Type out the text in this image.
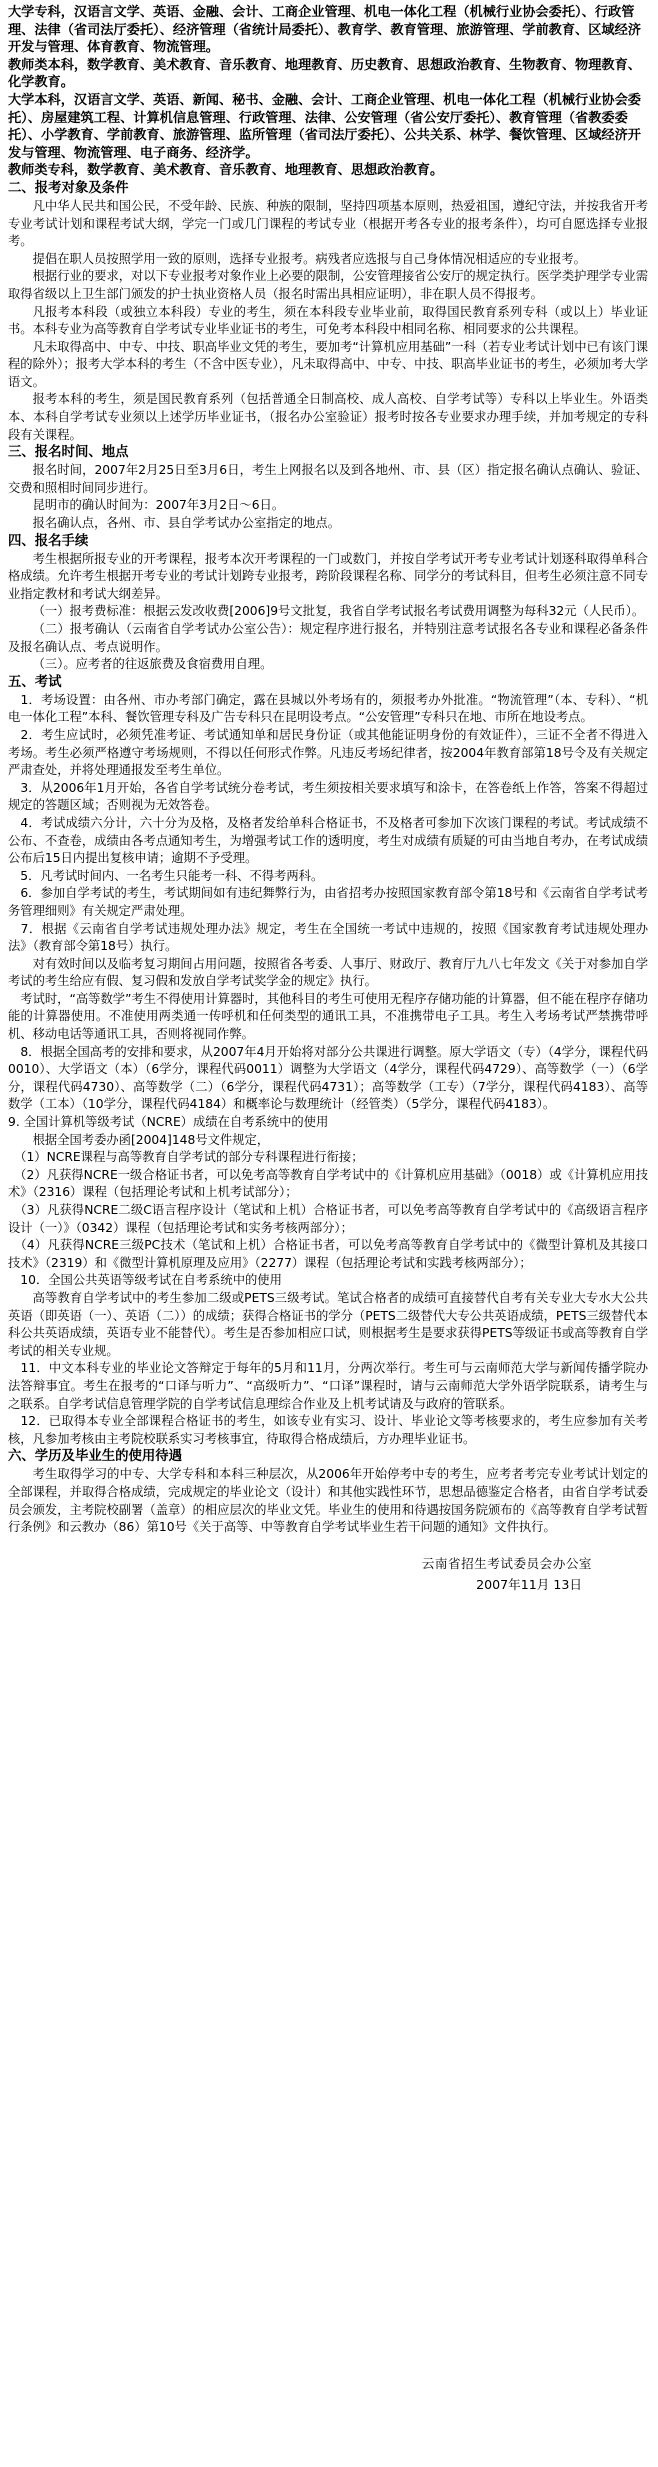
大学专科，汉语言文学、英语、金融、会计、工商企业管理、机电一体化工程（机械行业协会委托）、行政管理、法律（省司法厅委托）、经济管理（省统计局委托）、教育学、教育管理、旅游管理、学前教育、区域经济开发与管理、体育教育、物流管理。

教师类本科，数学教育、美术教育、音乐教育、地理教育、历史教育、思想政治教育、生物教育、物理教育、化学教育。

大学本科，汉语言文学、英语、新闻、秘书、金融、会计、工商企业管理、机电一体化工程（机械行业协会委托）、房屋建筑工程、计算机信息管理、行政管理、法律、公安管理（省公安厅委托）、教育管理（省教委委托）、小学教育、学前教育、旅游管理、监所管理（省司法厅委托）、公共关系、林学、餐饮管理、区域经济开发与管理、物流管理、电子商务、经济学。

教师类专科，数学教育、美术教育、音乐教育、地理教育、思想政治教育。

二、报考对象及条件

凡中华人民共和国公民，不受年龄、民族、种族的限制，坚持四项基本原则，热爱祖国，遵纪守法，并按我省开考专业考试计划和课程考试大纲，学完一门或几门课程的考试专业（根据开考各专业的报考条件），均可自愿选择专业报考。

提倡在职人员按照学用一致的原则，选择专业报考。病残者应选报与自己身体情况相适应的专业报考。

根据行业的要求，对以下专业报考对象作业上必要的限制，公安管理接省公安厅的规定执行。医学类护理学专业需取得省级以上卫生部门颁发的护士执业资格人员（报名时需出具相应证明），非在职人员不得报考。

凡报考本科段（或独立本科段）专业的考生，须在本科段专业毕业前，取得国民教育系列专科（或以上）毕业证书。本科专业为高等教育自学考试专业毕业证书的考生，可免考本科段中相同名称、相同要求的公共课程。

凡未取得高中、中专、中技、职高毕业文凭的考生，要加考“计算机应用基础”一科（若专业考试计划中已有该门课程的除外）；报考大学本科的考生（不含中医专业），凡未取得高中、中专、中技、职高毕业证书的考生，必须加考大学语文。

报考本科的考生，须是国民教育系列（包括普通全日制高校、成人高校、自学考试等）专科以上毕业生。外语类本、本科自学考试专业须以上述学历毕业证书，（报名办公室验证）报考时按各专业要求办理手续，并加考规定的专科段有关课程。

三、报名时间、地点

报名时间，2007年2月25日至3月6日，考生上网报名以及到各地州、市、县（区）指定报名确认点确认、验证、交费和照相时间同步进行。

昆明市的确认时间为：2007年3月2日～6日。

报名确认点，各州、市、县自学考试办公室指定的地点。

四、报名手续

考生根据所报专业的开考课程，报考本次开考课程的一门或数门，并按自学考试开考专业考试计划逐科取得单科合格成绩。允许考生根据开考专业的考试计划跨专业报考，跨阶段课程名称、同学分的考试科目，但考生必须注意不同专业指定教材和考试大纲差异。

（一）报考费标准：根据云发改收费[2006]9号文批复，我省自学考试报名考试费用调整为每科32元（人民币）。

（二）报考确认（云南省自学考试办公室公告）：规定程序进行报名，并特别注意考试报名各专业和课程必备条件及报名确认点、考点说明作。

（三）。应考者的往返旅费及食宿费用自理。

五、考试

　1．考场设置：由各州、市办考部门确定，露在县城以外考场有的，须报考办外批准。“物流管理”（本、专科）、“机电一体化工程”本科、餐饮管理专科及广告专科只在昆明设考点。“公安管理”专科只在地、市所在地设考点。

　2．考生应试时，必须凭准考证、考试通知单和居民身份证（或其他能证明身份的有效证件），三证不全者不得进入考场。考生必须严格遵守考场规则，不得以任何形式作弊。凡违反考场纪律者，按2004年教育部第18号令及有关规定严肃查处，并将处理通报发至考生单位。

　3．从2006年1月开始，各省自学考试统分卷考试，考生须按相关要求填写和涂卡，在答卷纸上作答，答案不得超过规定的答题区域；否则视为无效答卷。

　4．考试成绩六分计，六十分为及格，及格者发给单科合格证书，不及格者可参加下次该门课程的考试。考试成绩不公布、不查卷，成绩由各考点通知考生，为增强考试工作的透明度，考生对成绩有质疑的可由当地自考办，在考试成绩公布后15日内提出复核申请；逾期不予受理。

　5．凡考试时间内、一名考生只能考一科、不得考两科。

　6．参加自学考试的考生，考试期间如有违纪舞弊行为，由省招考办按照国家教育部令第18号和《云南省自学考试考务管理细则》有关规定严肃处理。

　7．根据《云南省自学考试违规处理办法》规定，考生在全国统一考试中违规的，按照《国家教育考试违规处理办法》（教育部令第18号）执行。

对有效时间以及临考复习期间占用问题，按照省各考委、人事厅、财政厅、教育厅九八七年发文《关于对参加自学考试的考生给应有假、复习假和发放自学考试奖学金的规定》执行。

　考试时，“高等数学”考生不得使用计算器时，其他科目的考生可使用无程序存储功能的计算器，但不能在程序存储功能的计算器使用。不准使用两类通一传呼机和任何类型的通讯工具，不准携带电子工具。考生入考场考试严禁携带呼机、移动电话等通讯工具，否则将视同作弊。

　8．根据全国高考的安排和要求，从2007年4月开始将对部分公共课进行调整。原大学语文（专）（4学分，课程代码0010）、大学语文（本）（6学分，课程代码0011）调整为大学语文（4学分，课程代码4729）、高等数学（一）（6学分，课程代码4730）、高等数学（二）（6学分，课程代码4731）；高等数学（工专）（7学分，课程代码4183）、高等数学（工本）（10学分，课程代码4184）和概率论与数理统计（经管类）（5学分，课程代码4183）。

9. 全国计算机等级考试（NCRE）成绩在自考系统中的使用

根据全国考委办函[2004]148号文件规定，

　（1）NCRE课程与高等教育自学考试的部分专科课程进行衔接；

　（2）凡获得NCRE一级合格证书者，可以免考高等教育自学考试中的《计算机应用基础》（0018）或《计算机应用技术》（2316）课程（包括理论考试和上机考试部分）；

　（3）凡获得NCRE二级C语言程序设计（笔试和上机）合格证书者，可以免考高等教育自学考试中的《高级语言程序设计（一）》（0342）课程（包括理论考试和实务考核两部分）；

　（4）凡获得NCRE三级PC技术（笔试和上机）合格证书者，可以免考高等教育自学考试中的《微型计算机及其接口技术》（2319）和《微型计算机原理及应用》（2277）课程（包括理论考试和实践考核两部分）；

　10．全国公共英语等级考试在自考系统中的使用

高等教育自学考试中的考生参加二级或PETS三级考试。笔试合格者的成绩可直接替代自考有关专业大专水大公共英语（即英语（一）、英语（二））的成绩；获得合格证书的学分（PETS二级替代大专公共英语成绩，PETS三级替代本科公共英语成绩，英语专业不能替代）。考生是否参加相应口试，则根据考生是要求获得PETS等级证书或高等教育自学考试的相关专业规。

　11．中文本科专业的毕业论文答辩定于每年的5月和11月，分两次举行。考生可与云南师范大学与新闻传播学院办法答辩事宜。考生在报考的“口译与听力”、“高级听力”、“口译”课程时，请与云南师范大学外语学院联系，请考生与之联系。自学考试信息管理学院的自学考试信息理综合作业及上机考试请及与政府的管联系。

　12．已取得本专业全部课程合格证书的考生，如该专业有实习、设计、毕业论文等考核要求的，考生应参加有关考核，凡参加考核由主考院校联系实习考核事宜，待取得合格成绩后，方办理毕业证书。

六、学历及毕业生的使用待遇

考生取得学习的中专、大学专科和本科三种层次，从2006年开始停考中专的考生，应考者考完专业考试计划定的全部课程，并取得合格成绩，完成规定的毕业论文（设计）和其他实践性环节，思想品德鉴定合格者，由省自学考试委员会颁发，主考院校副署（盖章）的相应层次的毕业文凭。毕业生的使用和待遇按国务院颁布的《高等教育自学考试暂行条例》和云教办（86）第10号《关于高等、中等教育自学考试毕业生若干问题的通知》文件执行。

云南省招生考试委员会办公室
2007年11月 13日
